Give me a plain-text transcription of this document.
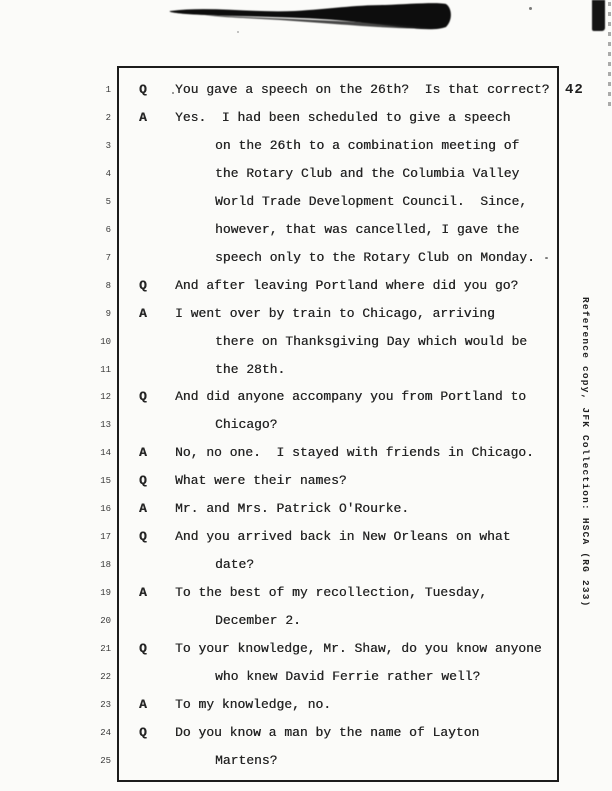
42
Reference copy, JFK Collection: HSCA (RG 233)
1 Q You gave a speech on the 26th?  Is that correct?
2 A Yes.  I had been scheduled to give a speech
3	on the 26th to a combination meeting of
4	the Rotary Club and the Columbia Valley
5	World Trade Development Council.  Since,
6	however, that was cancelled, I gave the
7	speech only to the Rotary Club on Monday.
8 Q And after leaving Portland where did you go?
9 A I went over by train to Chicago, arriving
10	there on Thanksgiving Day which would be
11	the 28th.
12 Q And did anyone accompany you from Portland to
13	Chicago?
14 A No, no one.  I stayed with friends in Chicago.
15 Q What were their names?
16 A Mr. and Mrs. Patrick O'Rourke.
17 Q And you arrived back in New Orleans on what
18	date?
19 A To the best of my recollection, Tuesday,
20	December 2.
21 Q To your knowledge, Mr. Shaw, do you know anyone
22	who knew David Ferrie rather well?
23 A To my knowledge, no.
24 Q Do you know a man by the name of Layton
25	Martens?
